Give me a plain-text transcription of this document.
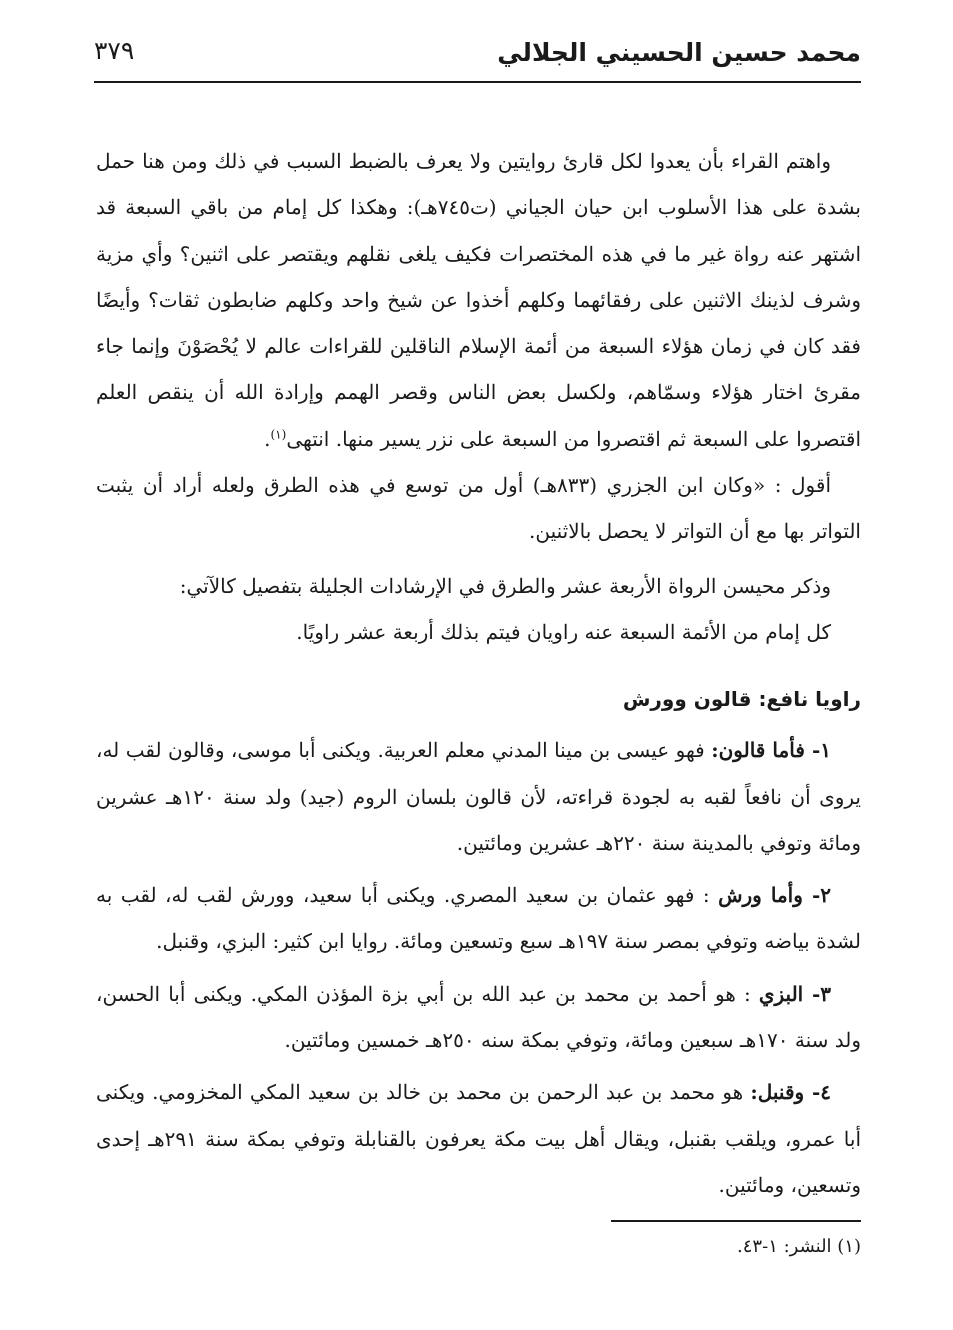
محمد حسين الحسيني الجلالي
٣٧٩

واهتم القراء بأن يعدوا لكل قارئ روايتين ولا يعرف بالضبط السبب في ذلك ومن هنا حمل بشدة على هذا الأسلوب ابن حيان الجياني (ت٧٤٥هـ): وهكذا كل إمام من باقي السبعة قد اشتهر عنه رواة غير ما في هذه المختصرات فكيف يلغى نقلهم ويقتصر على اثنين؟ وأي مزية وشرف لذينك الاثنين على رفقائهما وكلهم أخذوا عن شيخ واحد وكلهم ضابطون ثقات؟ وأيضًا فقد كان في زمان هؤلاء السبعة من أئمة الإسلام الناقلين للقراءات عالم لا يُحْصَوْنَ وإنما جاء مقرئ اختار هؤلاء وسمّاهم، ولكسل بعض الناس وقصر الهمم وإرادة الله أن ينقص العلم اقتصروا على السبعة ثم اقتصروا من السبعة على نزر يسير منها. انتهى$^{(١)}$.

أقول : «وكان ابن الجزري (٨٣٣هـ) أول من توسع في هذه الطرق ولعله أراد أن يثبت التواتر بها مع أن التواتر لا يحصل بالاثنين.

وذكر محيسن الرواة الأربعة عشر والطرق في الإرشادات الجليلة بتفصيل كالآتي:

كل إمام من الأئمة السبعة عنه راويان فيتم بذلك أربعة عشر راويًا.

راويا نافع: قالون وورش

١- فأما قالون: فهو عيسى بن مينا المدني معلم العربية. ويكنى أبا موسى، وقالون لقب له، يروى أن نافعاً لقبه به لجودة قراءته، لأن قالون بلسان الروم (جيد) ولد سنة ١٢٠هـ عشرين ومائة وتوفي بالمدينة سنة ٢٢٠هـ عشرين ومائتين.

٢- وأما ورش : فهو عثمان بن سعيد المصري. ويكنى أبا سعيد، وورش لقب له، لقب به لشدة بياضه وتوفي بمصر سنة ١٩٧هـ سبع وتسعين ومائة. روايا ابن كثير: البزي، وقنبل.

٣- البزي : هو أحمد بن محمد بن عبد الله بن أبي بزة المؤذن المكي. ويكنى أبا الحسن، ولد سنة ١٧٠هـ سبعين ومائة، وتوفي بمكة سنه ٢٥٠هـ خمسين ومائتين.

٤- وقنبل: هو محمد بن عبد الرحمن بن محمد بن خالد بن سعيد المكي المخزومي. ويكنى أبا عمرو، ويلقب بقنبل، ويقال أهل بيت مكة يعرفون بالقنابلة وتوفي بمكة سنة ٢٩١هـ إحدى وتسعين، ومائتين.

(١) النشر: ١-٤٣.
